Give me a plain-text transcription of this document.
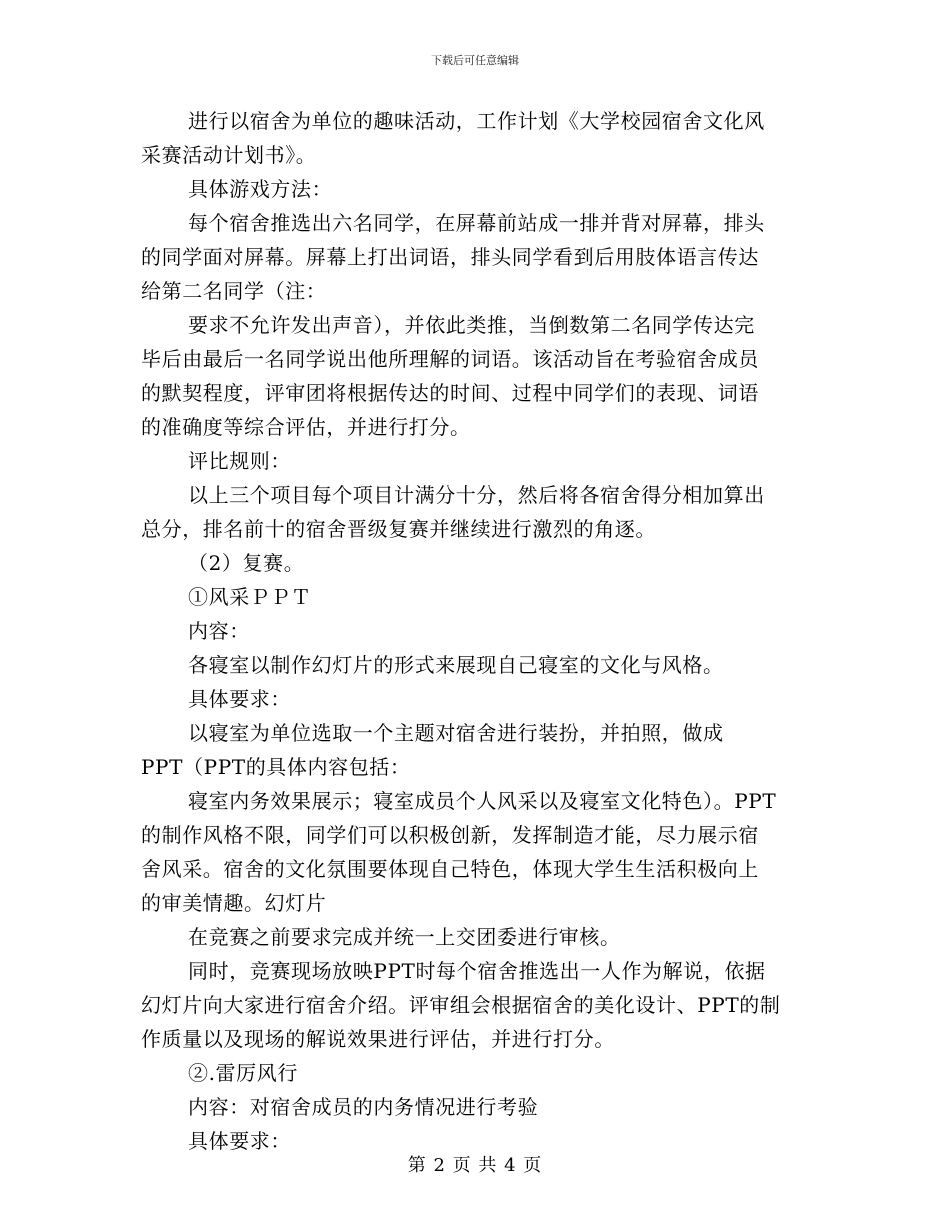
下载后可任意编辑
进行以宿舍为单位的趣味活动，工作计划《大学校园宿舍文化风
采赛活动计划书》。
具体游戏方法：
每个宿舍推选出六名同学，在屏幕前站成一排并背对屏幕，排头
的同学面对屏幕。屏幕上打出词语，排头同学看到后用肢体语言传达
给第二名同学（注：
要求不允许发出声音），并依此类推，当倒数第二名同学传达完
毕后由最后一名同学说出他所理解的词语。该活动旨在考验宿舍成员
的默契程度，评审团将根据传达的时间、过程中同学们的表现、词语
的准确度等综合评估，并进行打分。
评比规则：
以上三个项目每个项目计满分十分，然后将各宿舍得分相加算出
总分，排名前十的宿舍晋级复赛并继续进行激烈的角逐。
（2）复赛。
①风采ＰＰＴ
内容：
各寝室以制作幻灯片的形式来展现自己寝室的文化与风格。
具体要求：
以寝室为单位选取一个主题对宿舍进行装扮，并拍照，做成
PPT（PPT的具体内容包括：
寝室内务效果展示；寝室成员个人风采以及寝室文化特色）。PPT
的制作风格不限，同学们可以积极创新，发挥制造才能，尽力展示宿
舍风采。宿舍的文化氛围要体现自己特色，体现大学生生活积极向上
的审美情趣。幻灯片
在竞赛之前要求完成并统一上交团委进行审核。
同时，竞赛现场放映PPT时每个宿舍推选出一人作为解说，依据
幻灯片向大家进行宿舍介绍。评审组会根据宿舍的美化设计、PPT的制
作质量以及现场的解说效果进行评估，并进行打分。
②.雷厉风行
内容：对宿舍成员的内务情况进行考验
具体要求：
第 2 页 共 4 页
